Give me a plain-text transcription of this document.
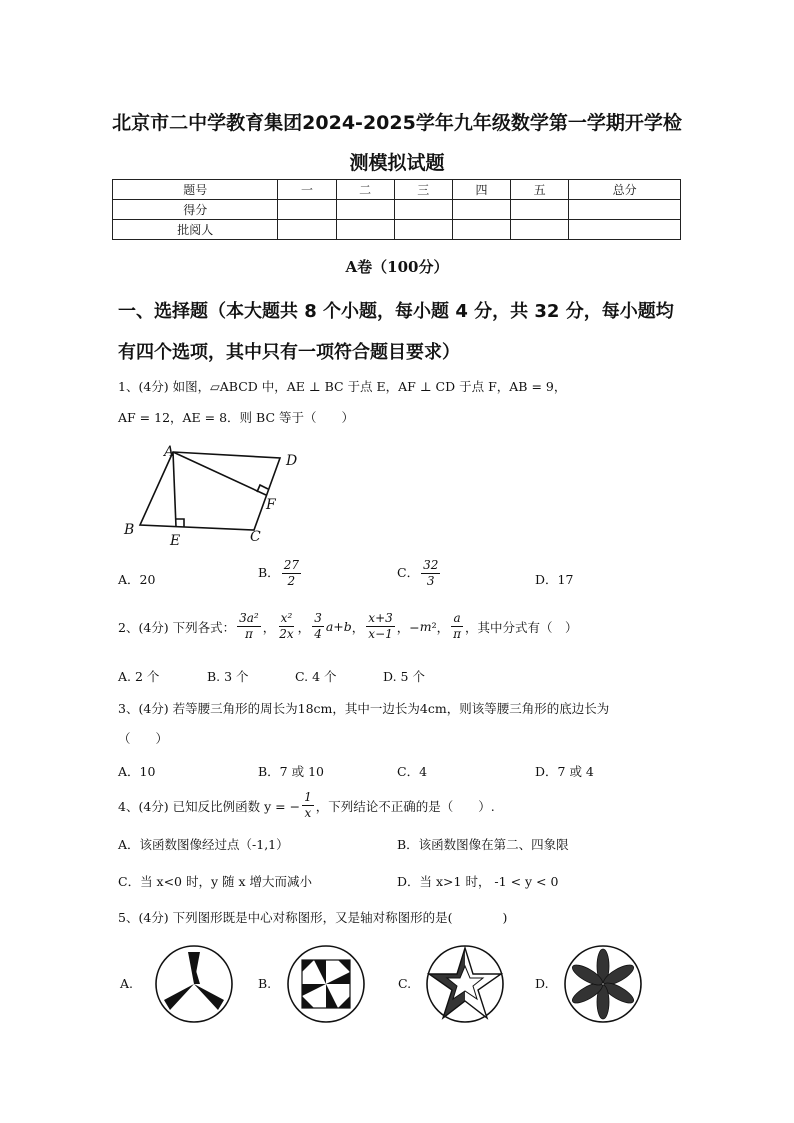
北京市二中学教育集团2024-2025学年九年级数学第一学期开学检
测模拟试题
题号	一	二	三	四	五	总分
得分						
批阅人						
A卷（100分）
一、选择题（本大题共 8 个小题，每小题 4 分，共 32 分，每小题均
有四个选项，其中只有一项符合题目要求）
1、(4分) 如图，▱ABCD 中，AE ⊥ BC 于点 E，AF ⊥ CD 于点 F，AB = 9，
AF = 12，AE = 8．则 BC 等于（　　）
A
D
F
B
E	C
A．20	B． $\frac{27}{2}$	C． $\frac{32}{3}$	D．17
2、(4分) 下列各式： $\frac{\text{3a²}}{\pi}$ ， $\frac{\text{x²}}{2x}$ ， $\frac{3}{4}$ a + b ， $\frac{x+3}{x-1}$ ，− m ²， $\frac{a}{\pi}$ ，其中分式有（　）
A. 2 个	B. 3 个	C. 4 个	D. 5 个
3、(4分) 若等腰三角形的周长为18cm，其中一边长为4cm，则该等腰三角形的底边长为
（　　）
A．10	B．7 或 10	C．4	D．7 或 4
4、(4分) 已知反比例函数 y = − $\frac{1}{x}$ ，下列结论不正确的是（　　）.
A．该函数图像经过点（-1,1）	B．该函数图像在第二、四象限
C．当 x<0 时，y 随 x 增大而减小	D．当 x>1 时， -1 < y < 0
5、(4分) 下列图形既是中心对称图形，又是轴对称图形的是(　　　　)
A.	B.	C.	D.
